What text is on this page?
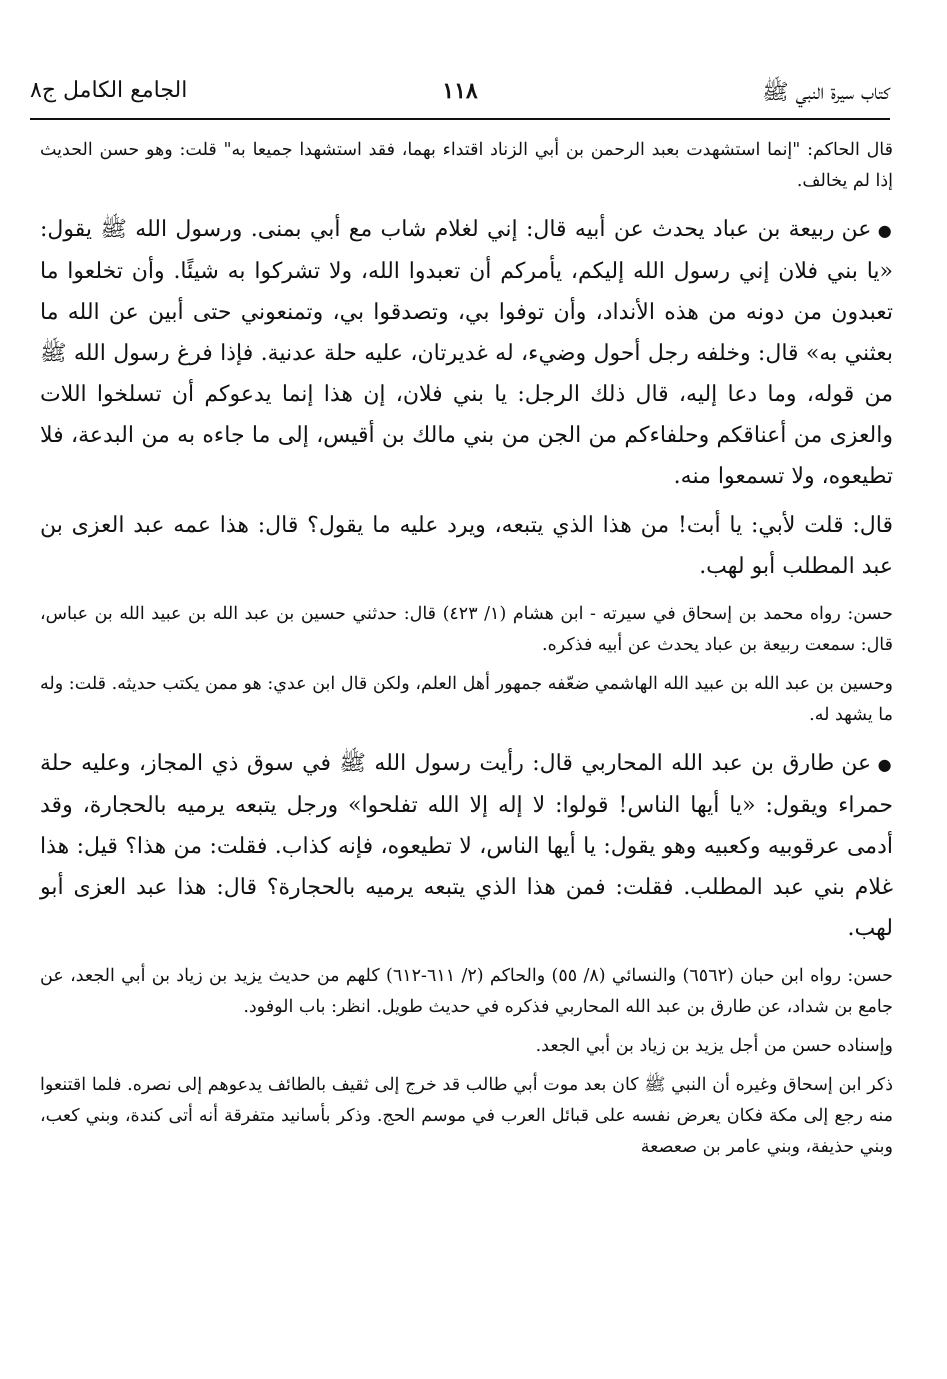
كتاب سيرة النبي ﷺ
١١٨
الجامع الكامل ج٨

قال الحاكم: "إنما استشهدت بعبد الرحمن بن أبي الزناد اقتداء بهما، فقد استشهدا جميعا به" قلت: وهو حسن الحديث إذا لم يخالف.

● عن ربيعة بن عباد يحدث عن أبيه قال: إني لغلام شاب مع أبي بمنى. ورسول الله ﷺ يقول: «يا بني فلان إني رسول الله إليكم، يأمركم أن تعبدوا الله، ولا تشركوا به شيئًا. وأن تخلعوا ما تعبدون من دونه من هذه الأنداد، وأن توفوا بي، وتصدقوا بي، وتمنعوني حتى أبين عن الله ما بعثني به» قال: وخلفه رجل أحول وضيء، له غديرتان، عليه حلة عدنية. فإذا فرغ رسول الله ﷺ من قوله، وما دعا إليه، قال ذلك الرجل: يا بني فلان، إن هذا إنما يدعوكم أن تسلخوا اللات والعزى من أعناقكم وحلفاءكم من الجن من بني مالك بن أقيس، إلى ما جاءه به من البدعة، فلا تطيعوه، ولا تسمعوا منه.

قال: قلت لأبي: يا أبت! من هذا الذي يتبعه، ويرد عليه ما يقول؟ قال: هذا عمه عبد العزى بن عبد المطلب أبو لهب.

حسن: رواه محمد بن إسحاق في سيرته - ابن هشام (١/ ٤٢٣) قال: حدثني حسين بن عبد الله بن عبيد الله بن عباس، قال: سمعت ربيعة بن عباد يحدث عن أبيه فذكره.

وحسين بن عبد الله بن عبيد الله الهاشمي ضعّفه جمهور أهل العلم، ولكن قال ابن عدي: هو ممن يكتب حديثه. قلت: وله ما يشهد له.

● عن طارق بن عبد الله المحاربي قال: رأيت رسول الله ﷺ في سوق ذي المجاز، وعليه حلة حمراء ويقول: «يا أيها الناس! قولوا: لا إله إلا الله تفلحوا» ورجل يتبعه يرميه بالحجارة، وقد أدمى عرقوبيه وكعبيه وهو يقول: يا أيها الناس، لا تطيعوه، فإنه كذاب. فقلت: من هذا؟ قيل: هذا غلام بني عبد المطلب. فقلت: فمن هذا الذي يتبعه يرميه بالحجارة؟ قال: هذا عبد العزى أبو لهب.

حسن: رواه ابن حبان (٦٥٦٢) والنسائي (٨/ ٥٥) والحاكم (٢/ ٦١١-٦١٢) كلهم من حديث يزيد بن زياد بن أبي الجعد، عن جامع بن شداد، عن طارق بن عبد الله المحاربي فذكره في حديث طويل. انظر: باب الوفود.

وإسناده حسن من أجل يزيد بن زياد بن أبي الجعد.

ذكر ابن إسحاق وغيره أن النبي ﷺ كان بعد موت أبي طالب قد خرج إلى ثقيف بالطائف يدعوهم إلى نصره. فلما اقتنعوا منه رجع إلى مكة فكان يعرض نفسه على قبائل العرب في موسم الحج. وذكر بأسانيد متفرقة أنه أتى كندة، وبني كعب، وبني حذيفة، وبني عامر بن صعصعة
